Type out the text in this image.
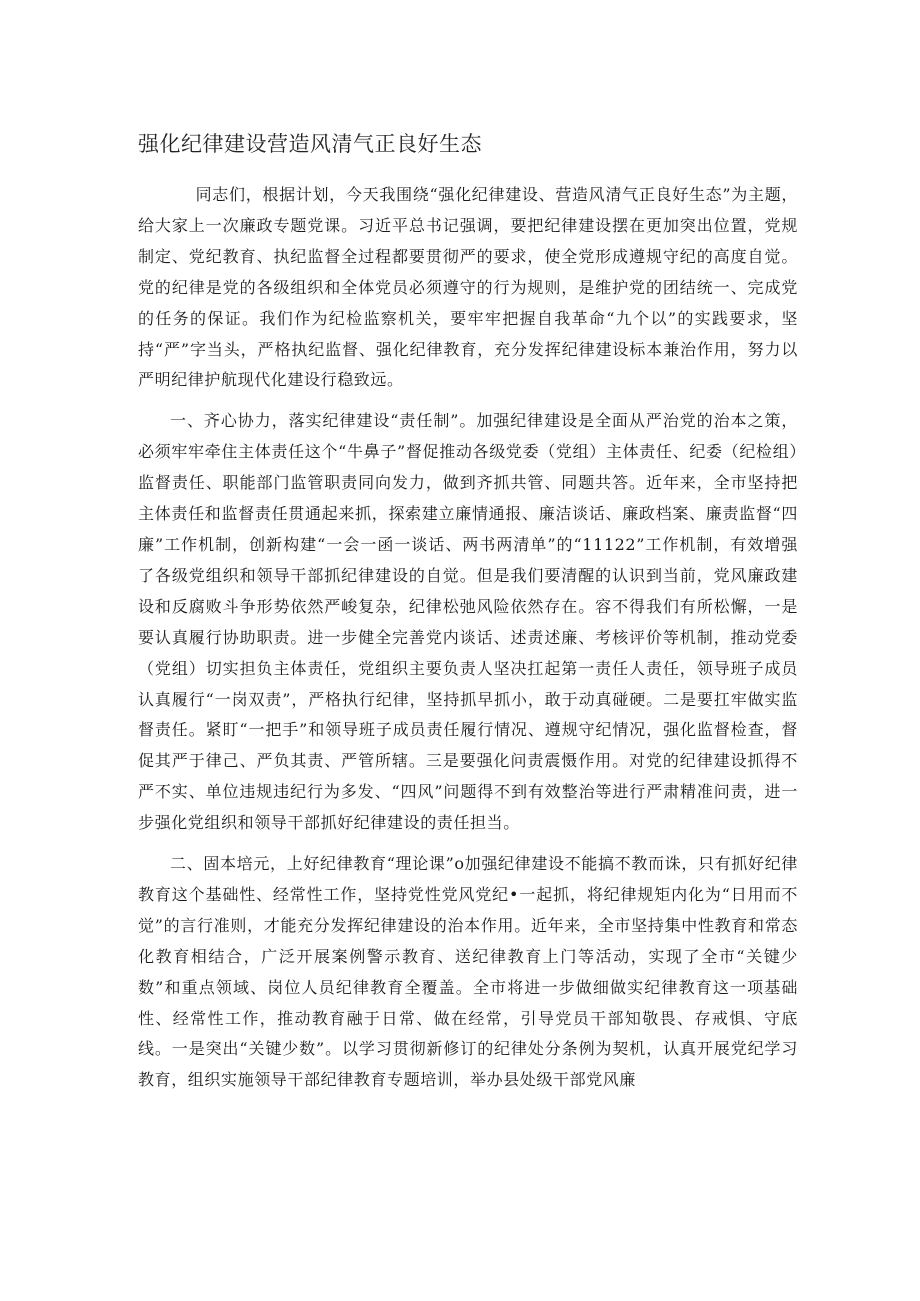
强化纪律建设营造风清气正良好生态

同志们，根据计划，今天我围绕“强化纪律建设、营造风清气正良好生态”为主题，给大家上一次廉政专题党课。习近平总书记强调，要把纪律建设摆在更加突出位置，党规制定、党纪教育、执纪监督全过程都要贯彻严的要求，使全党形成遵规守纪的高度自觉。党的纪律是党的各级组织和全体党员必须遵守的行为规则，是维护党的团结统一、完成党的任务的保证。我们作为纪检监察机关，要牢牢把握自我革命“九个以”的实践要求，坚持“严”字当头，严格执纪监督、强化纪律教育，充分发挥纪律建设标本兼治作用，努力以严明纪律护航现代化建设行稳致远。

一、齐心协力，落实纪律建设“责任制”。加强纪律建设是全面从严治党的治本之策，必须牢牢牵住主体责任这个“牛鼻子”督促推动各级党委（党组）主体责任、纪委（纪检组）监督责任、职能部门监管职责同向发力，做到齐抓共管、同题共答。近年来，全市坚持把主体责任和监督责任贯通起来抓，探索建立廉情通报、廉洁谈话、廉政档案、廉责监督“四廉”工作机制，创新构建“一会一函一谈话、两书两清单”的“11122”工作机制，有效增强了各级党组织和领导干部抓纪律建设的自觉。但是我们要清醒的认识到当前，党风廉政建设和反腐败斗争形势依然严峻复杂，纪律松弛风险依然存在。容不得我们有所松懈，一是要认真履行协助职责。进一步健全完善党内谈话、述责述廉、考核评价等机制，推动党委（党组）切实担负主体责任，党组织主要负责人坚决扛起第一责任人责任，领导班子成员认真履行“一岗双责”，严格执行纪律，坚持抓早抓小，敢于动真碰硬。二是要扛牢做实监督责任。紧盯“一把手”和领导班子成员责任履行情况、遵规守纪情况，强化监督检查，督促其严于律己、严负其责、严管所辖。三是要强化问责震慑作用。对党的纪律建设抓得不严不实、单位违规违纪行为多发、“四风”问题得不到有效整治等进行严肃精准问责，进一步强化党组织和领导干部抓好纪律建设的责任担当。

二、固本培元，上好纪律教育“理论课”o加强纪律建设不能搞不教而诛，只有抓好纪律教育这个基础性、经常性工作，坚持党性党风党纪•一起抓，将纪律规矩内化为“日用而不觉”的言行准则，才能充分发挥纪律建设的治本作用。近年来，全市坚持集中性教育和常态化教育相结合，广泛开展案例警示教育、送纪律教育上门等活动，实现了全市“关键少数”和重点领域、岗位人员纪律教育全覆盖。全市将进一步做细做实纪律教育这一项基础性、经常性工作，推动教育融于日常、做在经常，引导党员干部知敬畏、存戒惧、守底线。一是突出“关键少数”。以学习贯彻新修订的纪律处分条例为契机，认真开展党纪学习教育，组织实施领导干部纪律教育专题培训，举办县处级干部党风廉
